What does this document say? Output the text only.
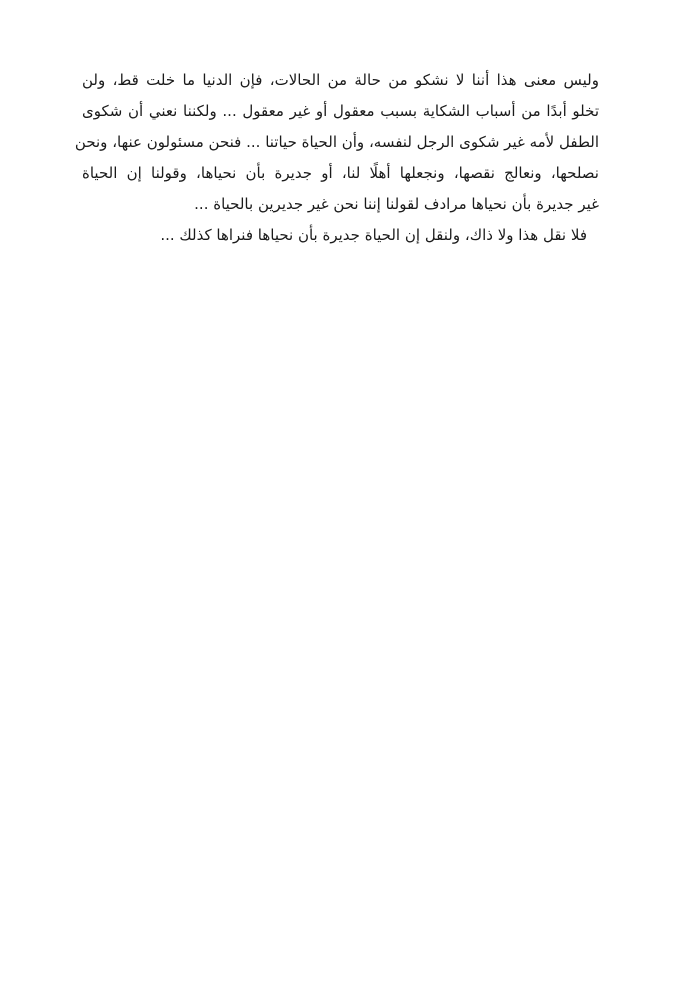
وليس معنى هذا أننا لا نشكو من حالة من الحالات، فإن الدنيا ما خلت قط، ولن
تخلو أبدًا من أسباب الشكاية بسبب معقول أو غير معقول ... ولكننا نعني أن شكوى
الطفل لأمه غير شكوى الرجل لنفسه، وأن الحياة حياتنا ... فنحن مسئولون عنها، ونحن
نصلحها، ونعالج نقصها، ونجعلها أهلًا لنا، أو جديرة بأن نحياها، وقولنا إن الحياة
غير جديرة بأن نحياها مرادف لقولنا إننا نحن غير جديرين بالحياة ...

فلا نقل هذا ولا ذاك، ولنقل إن الحياة جديرة بأن نحياها فنراها كذلك ...
